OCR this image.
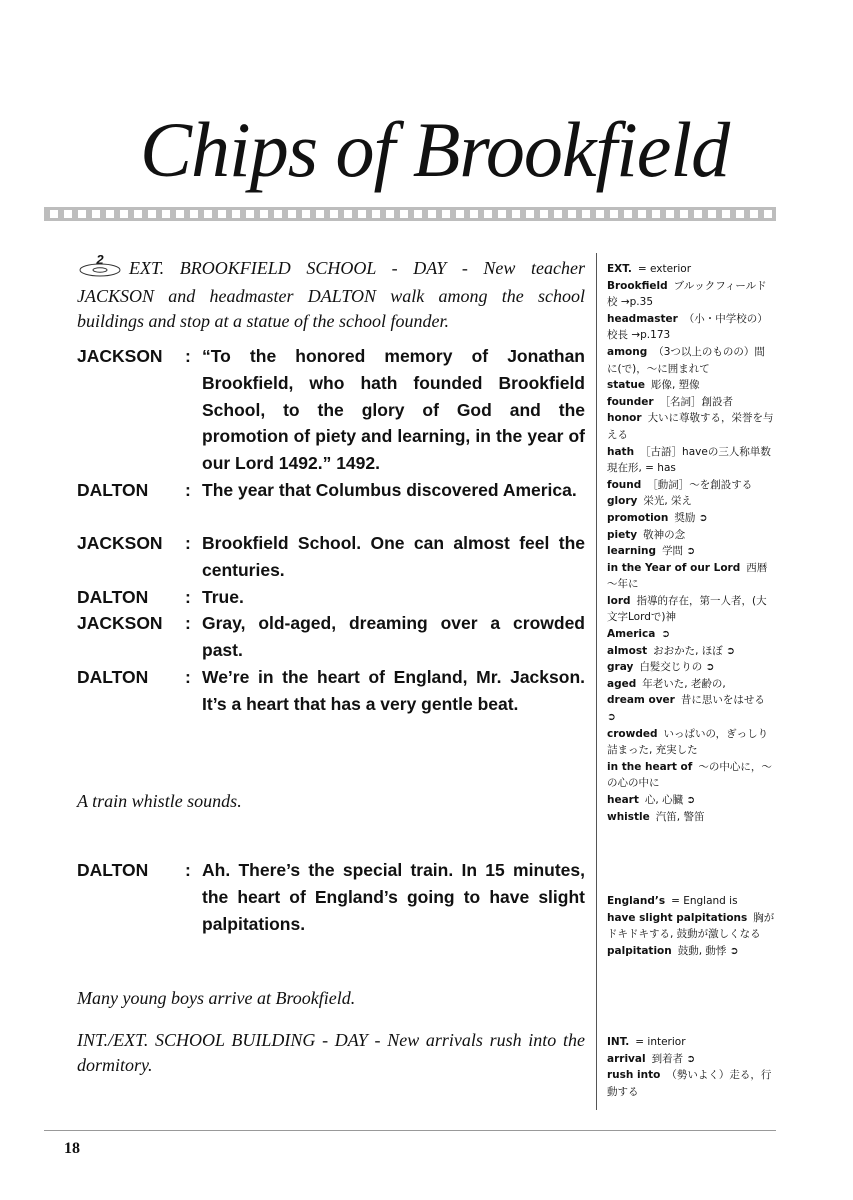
Chips of Brookfield
2 EXT. BROOKFIELD SCHOOL - DAY - New teacher JACKSON and headmaster DALTON walk among the school buildings and stop at a statue of the school founder.
JACKSON : “To the honored memory of Jonathan Brookfield, who hath founded Brookfield School, to the glory of God and the promotion of piety and learning, in the year of our Lord 1492.” 1492.
DALTON : The year that Columbus discovered America.
JACKSON : Brookfield School. One can almost feel the centuries.
DALTON : True.
JACKSON : Gray, old-aged, dreaming over a crowded past.
DALTON : We’re in the heart of England, Mr. Jackson. It’s a heart that has a very gentle beat.
A train whistle sounds.
DALTON : Ah. There’s the special train. In 15 minutes, the heart of England’s going to have slight palpitations.
Many young boys arrive at Brookfield.
INT./EXT. SCHOOL BUILDING - DAY - New arrivals rush into the dormitory.
EXT. = exterior
Brookfield ブルックフィールド校 →p.35
headmaster （小・中学校の）校長 →p.173
among （3つ以上のものの）間に(で)，～に囲まれて
statue 彫像, 塑像
founder ［名詞］創設者
honor 大いに尊敬する，栄誉を与える
hath ［古語］haveの三人称単数現在形, = has
found ［動詞］～を創設する
glory 栄光, 栄え
promotion 奨励 ➲
piety 敬神の念
learning 学問 ➲
in the Year of our Lord 西暦～年に
lord 指導的存在，第一人者，(大文字Lordで)神
America ➲
almost おおかた, ほぼ ➲
gray 白髪交じりの ➲
aged 年老いた, 老齢の,
dream over 昔に思いをはせる ➲
crowded いっぱいの，ぎっしり詰まった, 充実した
in the heart of ～の中心に，～の心の中に
heart 心, 心臓 ➲
whistle 汽笛, 警笛
England’s = England is
have slight palpitations 胸がドキドキする, 鼓動が激しくなる
palpitation 鼓動, 動悸 ➲
INT. = interior
arrival 到着者 ➲
rush into （勢いよく）走る，行動する
18
